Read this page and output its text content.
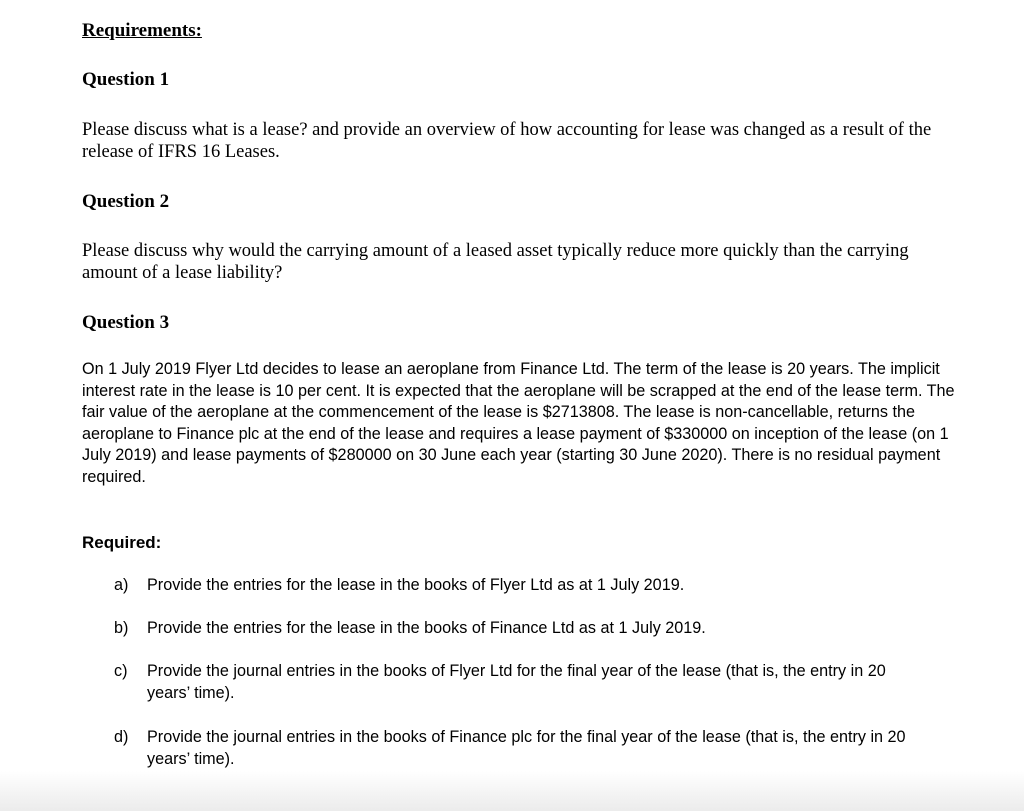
Requirements:
Question 1
Please discuss what is a lease? and provide an overview of how accounting for lease was changed as a result of the release of IFRS 16 Leases.
Question 2
Please discuss why would the carrying amount of a leased asset typically reduce more quickly than the carrying amount of a lease liability?
Question 3
On 1 July 2019 Flyer Ltd decides to lease an aeroplane from Finance Ltd. The term of the lease is 20 years. The implicit interest rate in the lease is 10 per cent. It is expected that the aeroplane will be scrapped at the end of the lease term. The fair value of the aeroplane at the commencement of the lease is $2713808. The lease is non-cancellable, returns the aeroplane to Finance plc at the end of the lease and requires a lease payment of $330000 on inception of the lease (on 1 July 2019) and lease payments of $280000 on 30 June each year (starting 30 June 2020). There is no residual payment required.
Required:
a) Provide the entries for the lease in the books of Flyer Ltd as at 1 July 2019.
b) Provide the entries for the lease in the books of Finance Ltd as at 1 July 2019.
c) Provide the journal entries in the books of Flyer Ltd for the final year of the lease (that is, the entry in 20 years’ time).
d) Provide the journal entries in the books of Finance plc for the final year of the lease (that is, the entry in 20 years’ time).
